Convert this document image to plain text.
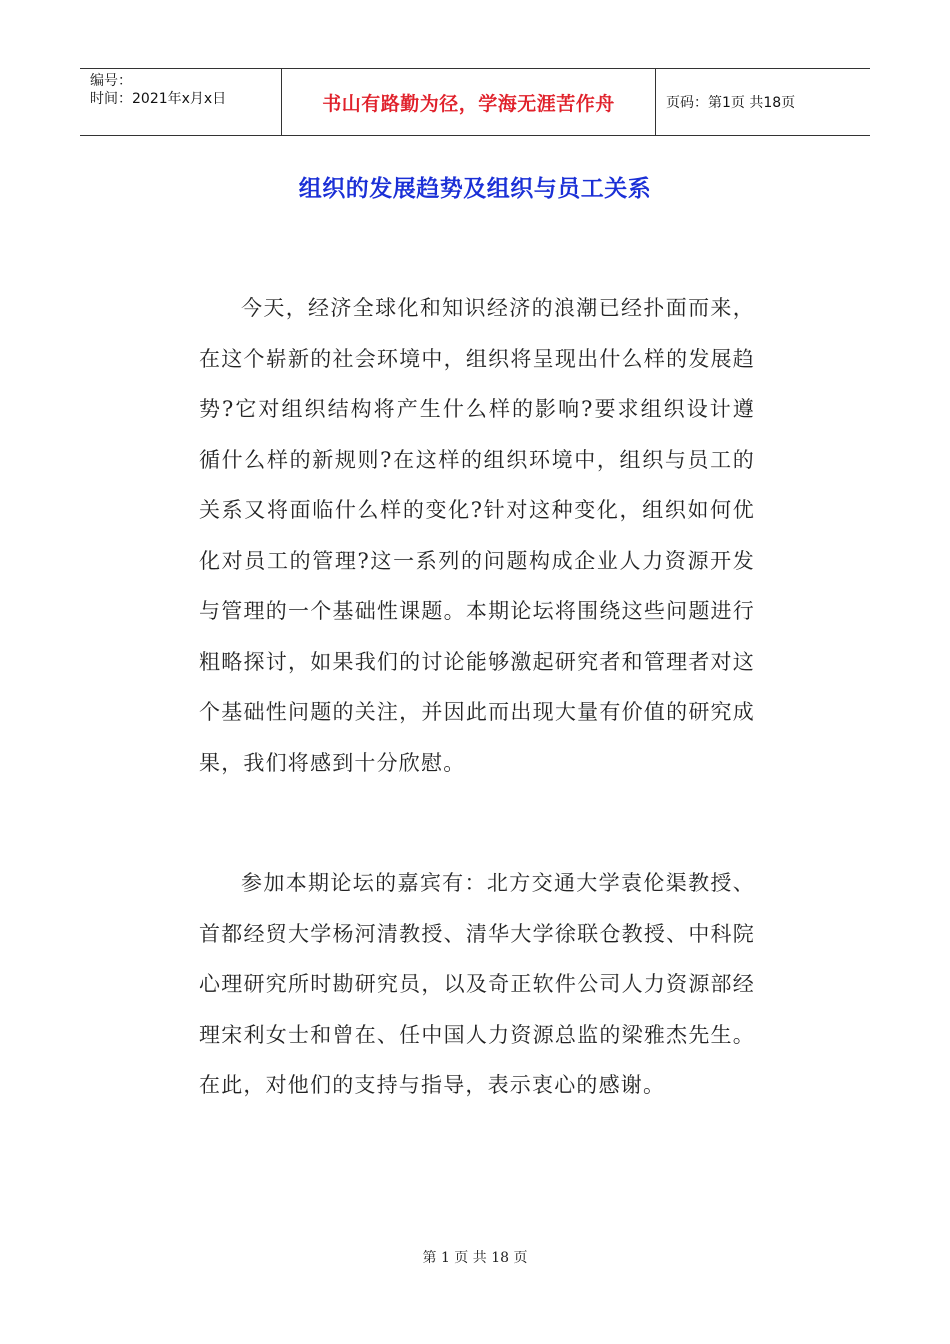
编号：
时间：2021年x月x日	书山有路勤为径，学海无涯苦作舟	页码：第1页 共18页
组织的发展趋势及组织与员工关系

今天，经济全球化和知识经济的浪潮已经扑面而来，在这个崭新的社会环境中，组织将呈现出什么样的发展趋势?它对组织结构将产生什么样的影响?要求组织设计遵循什么样的新规则?在这样的组织环境中，组织与员工的关系又将面临什么样的变化?针对这种变化，组织如何优化对员工的管理?这一系列的问题构成企业人力资源开发与管理的一个基础性课题。本期论坛将围绕这些问题进行粗略探讨，如果我们的讨论能够激起研究者和管理者对这个基础性问题的关注，并因此而出现大量有价值的研究成果，我们将感到十分欣慰。

参加本期论坛的嘉宾有：北方交通大学袁伦渠教授、首都经贸大学杨河清教授、清华大学徐联仓教授、中科院心理研究所时勘研究员，以及奇正软件公司人力资源部经理宋利女士和曾在、任中国人力资源总监的梁雅杰先生。在此，对他们的支持与指导，表示衷心的感谢。

第 1 页 共 18 页
